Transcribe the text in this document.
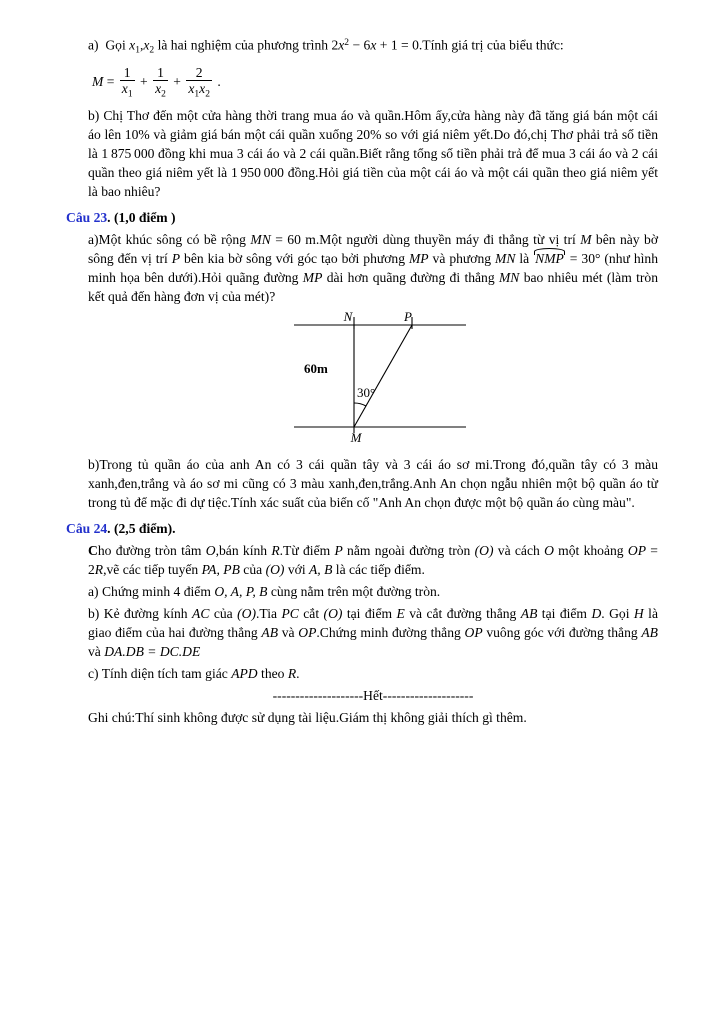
a)  Gọi $x_1,x_2$ là hai nghiệm của phương trình $2x^2 - 6x + 1$ = 0.Tính giá trị của biểu thức:

$M = \frac{1}{x_1} + \frac{1}{x_2} + \frac{2}{x_1x_2}$ .

b) Chị Thơ đến một cửa hàng thời trang mua áo và quần.Hôm ấy,cửa hàng này đã tăng giá bán một cái áo lên 10% và giảm giá bán một cái quần xuống 20% so với giá niêm yết.Do đó,chị Thơ phải trả số tiền là 1 875 000 đồng khi mua 3 cái áo và 2 cái quần.Biết rằng tổng số tiền phải trả để mua 3 cái áo và 2 cái quần theo giá niêm yết là 1 950 000 đồng.Hỏi giá tiền của một cái áo và một cái quần theo giá niêm yết là bao nhiêu?

Câu 23. (1,0 điểm )

a)Một khúc sông có bề rộng MN = 60 m.Một người dùng thuyền máy đi thẳng từ vị trí M bên này bờ sông đến vị trí P bên kia bờ sông với góc tạo bởi phương MP và phương MN là NMP = 30° (như hình minh họa bên dưới).Hỏi quãng đường MP dài hơn quãng đường đi thẳng MN bao nhiêu mét (làm tròn kết quả đến hàng đơn vị của mét)?

N	P
M
60m
30°

b)Trong tủ quần áo của anh An có 3 cái quần tây và 3 cái áo sơ mi.Trong đó,quần tây có 3 màu xanh,đen,trắng và áo sơ mi cũng có 3 màu xanh,đen,trắng.Anh An chọn ngẫu nhiên một bộ quần áo từ trong tủ để mặc đi dự tiệc.Tính xác suất của biến cố "Anh An chọn được một bộ quần áo cùng màu".

Câu 24. (2,5 điểm).

Cho đường tròn tâm O,bán kính R.Từ điểm P nằm ngoài đường tròn (O) và cách O một khoảng OP = 2R,vẽ các tiếp tuyến PA, PB của (O) với A, B là các tiếp điểm.

a) Chứng minh 4 điểm O, A, P, B cùng nằm trên một đường tròn.

b) Kẻ đường kính AC của (O).Tia PC cắt (O) tại điểm E và cắt đường thẳng AB tại điểm D. Gọi H là giao điểm của hai đường thẳng AB và OP.Chứng minh đường thẳng OP vuông góc với đường thẳng AB và DA.DB = DC.DE

c) Tính diện tích tam giác APD theo R.

--------------------Hết--------------------

Ghi chú:Thí sinh không được sử dụng tài liệu.Giám thị không giải thích gì thêm.
